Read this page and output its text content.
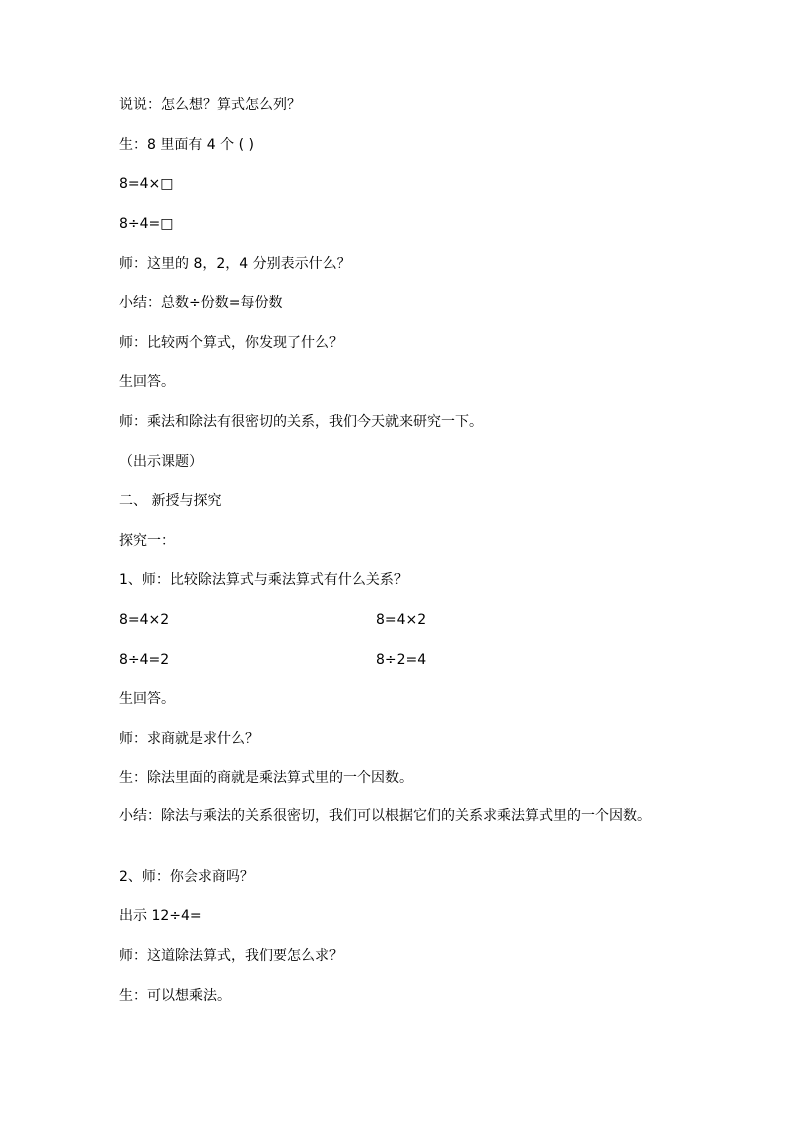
说说：怎么想？算式怎么列？
生：8 里面有 4 个 ( )
8=4×□
8÷4=□
师：这里的 8，2，4 分别表示什么？
小结：总数÷份数=每份数
师：比较两个算式，你发现了什么？
生回答。
师：乘法和除法有很密切的关系，我们今天就来研究一下。
（出示课题）
二、 新授与探究
探究一：
1、师：比较除法算式与乘法算式有什么关系？
8=4×2	8=4×2
8÷4=2	8÷2=4
生回答。
师：求商就是求什么？
生：除法里面的商就是乘法算式里的一个因数。
小结：除法与乘法的关系很密切，我们可以根据它们的关系求乘法算式里的一个因数。
2、师：你会求商吗？
出示 12÷4=
师：这道除法算式，我们要怎么求？
生：可以想乘法。
